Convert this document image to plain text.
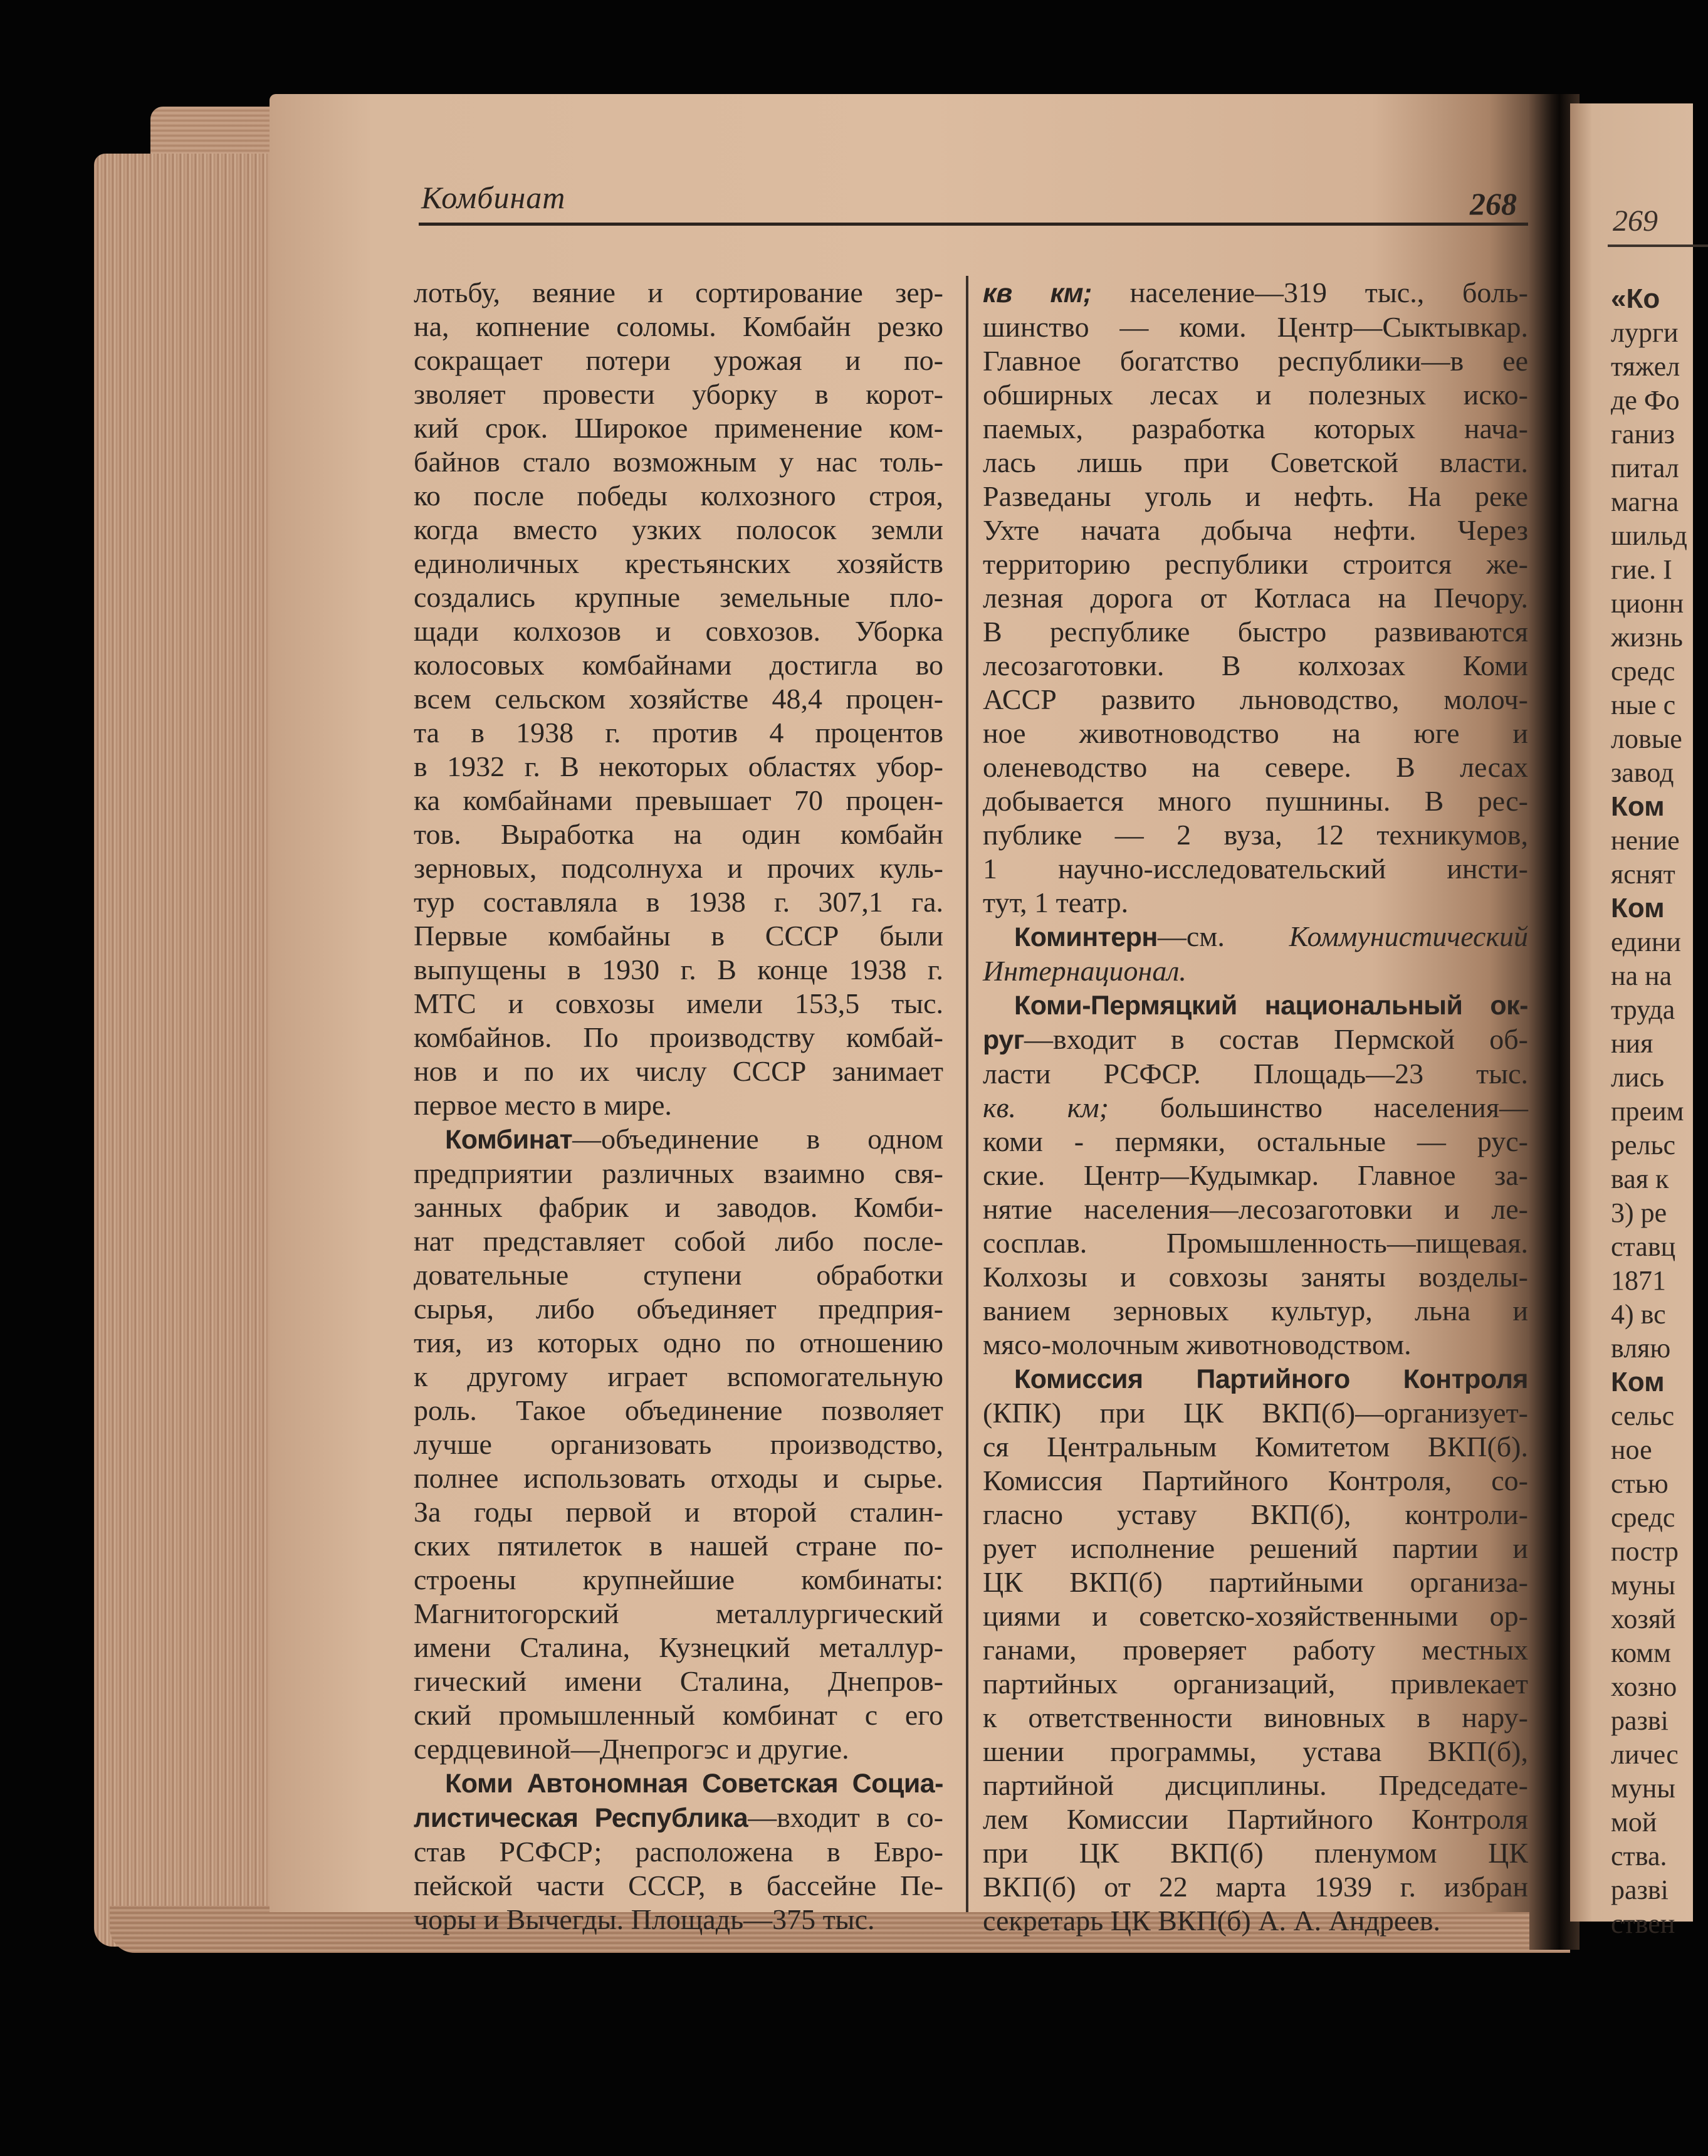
269
«Ко
лурги
тяжел
де Фо
ганиз
питал
магна
шильд
гие. I
ционн
жизнь
средс
ные с
ловые
завод
Ком
нение
яснят
Ком
едини
на на
труда
ния
лись
преим
рельс
вая к
3) ре
ставц
1871
4) вс
вляю
Ком
сельс
ное
стью
средс
постр
муны
хозяй
комм
хозно
разві
личес
муны
мой
ства.
разві
ствен
Комбинат	268

лотьбу, веяние и сортирование зер-

на, копнение соломы. Комбайн резко

сокращает потери урожая и по-

зволяет провести уборку в корот-

кий срок. Широкое применение ком-

байнов стало возможным у нас толь-

ко после победы колхозного строя,

когда вместо узких полосок земли

единоличных крестьянских хозяйств

создались крупные земельные пло-

щади колхозов и совхозов. Уборка

колосовых комбайнами достигла во

всем сельском хозяйстве 48,4 процен-

та в 1938 г. против 4 процентов

в 1932 г. В некоторых областях убор-

ка комбайнами превышает 70 процен-

тов. Выработка на один комбайн

зерновых, подсолнуха и прочих куль-

тур составляла в 1938 г. 307,1 га.

Первые комбайны в СССР были

выпущены в 1930 г. В конце 1938 г.

МТС и совхозы имели 153,5 тыс.

комбайнов. По производству комбай-

нов и по их числу СССР занимает

первое место в мире.

Комбинат—объединение в одном

предприятии различных взаимно свя-

занных фабрик и заводов. Комби-

нат представляет собой либо после-

довательные ступени обработки

сырья, либо объединяет предприя-

тия, из которых одно по отношению

к другому играет вспомогательную

роль. Такое объединение позволяет

лучше организовать производство,

полнее использовать отходы и сырье.

За годы первой и второй сталин-

ских пятилеток в нашей стране по-

строены крупнейшие комбинаты:

Магнитогорский металлургический

имени Сталина, Кузнецкий металлур-

гический имени Сталина, Днепров-

ский промышленный комбинат с его

сердцевиной—Днепрогэс и другие.

Коми Автономная Советская Социа-

листическая Республика—входит в со-

став РСФСР; расположена в Евро-

пейской части СССР, в бассейне Пе-

чоры и Вычегды. Площадь—375 тыс.

кв км; население—319 тыс., боль-

шинство — коми. Центр—Сыктывкар.

Главное богатство республики—в ее

обширных лесах и полезных иско-

паемых, разработка которых нача-

лась лишь при Советской власти.

Разведаны уголь и нефть. На реке

Ухте начата добыча нефти. Через

территорию республики строится же-

лезная дорога от Котласа на Печору.

В республике быстро развиваются

лесозаготовки. В колхозах Коми

АССР развито льноводство, молоч-

ное животноводство на юге и

оленеводство на севере. В лесах

добывается много пушнины. В рес-

публике — 2 вуза, 12 техникумов,

1 научно-исследовательский инсти-

тут, 1 театр.

Коминтерн—см. Коммунистический

Интернационал.

Коми-Пермяцкий национальный ок-

руг—входит в состав Пермской об-

ласти РСФСР. Площадь—23 тыс.

кв. км; большинство населения—

коми - пермяки, остальные — рус-

ские. Центр—Кудымкар. Главное за-

нятие населения—лесозаготовки и ле-

сосплав. Промышленность—пищевая.

Колхозы и совхозы заняты возделы-

ванием зерновых культур, льна и

мясо-молочным животноводством.

Комиссия Партийного Контроля

(КПК) при ЦК ВКП(б)—организует-

ся Центральным Комитетом ВКП(б).

Комиссия Партийного Контроля, со-

гласно уставу ВКП(б), контроли-

рует исполнение решений партии и

ЦК ВКП(б) партийными организа-

циями и советско-хозяйственными ор-

ганами, проверяет работу местных

партийных организаций, привлекает

к ответственности виновных в нару-

шении программы, устава ВКП(б),

партийной дисциплины. Председате-

лем Комиссии Партийного Контроля

при ЦК ВКП(б) пленумом ЦК

ВКП(б) от 22 марта 1939 г. избран

секретарь ЦК ВКП(б) А. А. Андреев.
